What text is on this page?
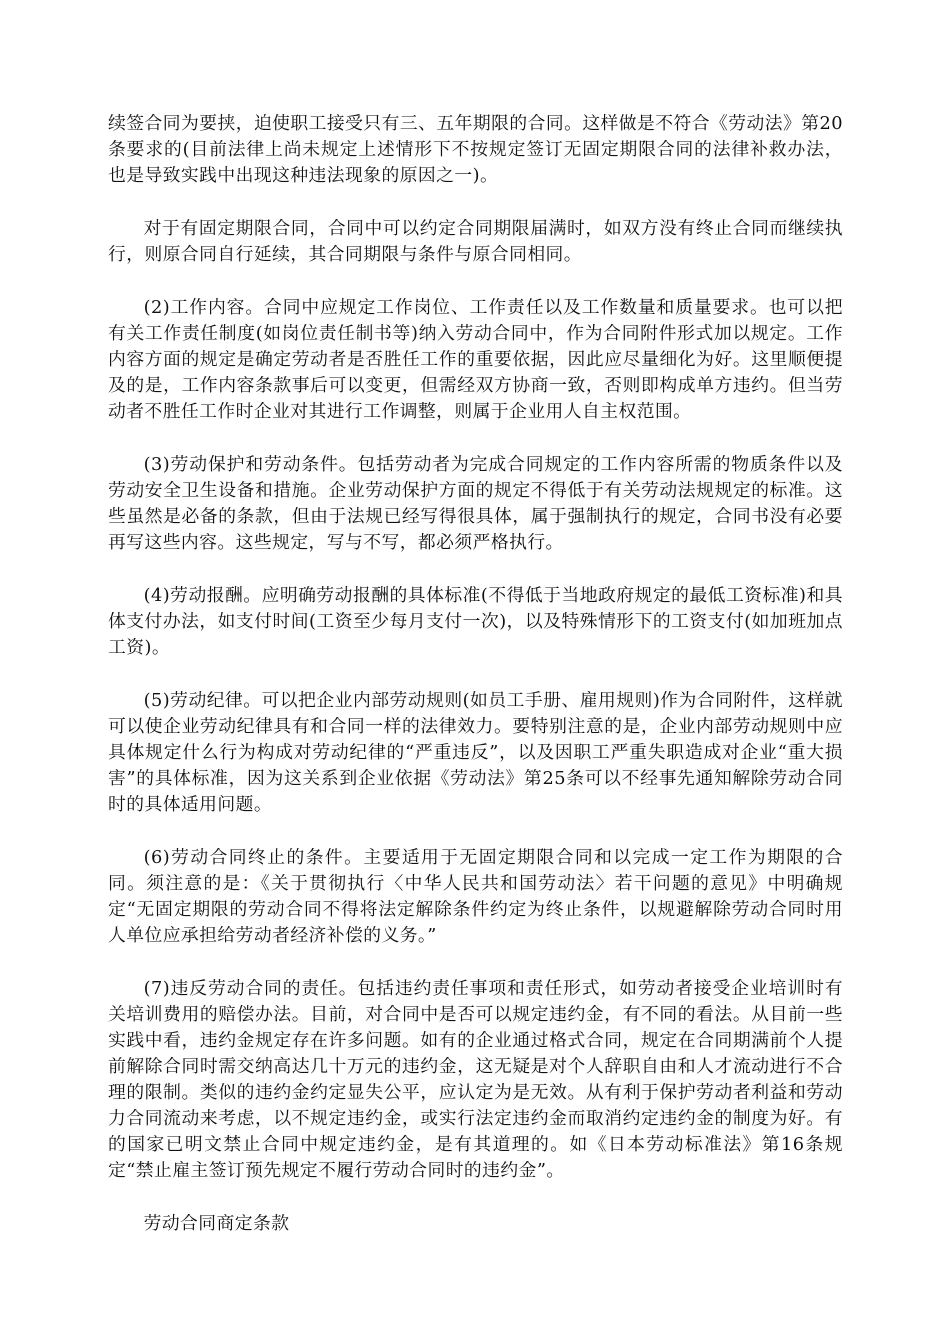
续签合同为要挟，迫使职工接受只有三、五年期限的合同。这样做是不符合《劳动法》第20条要求的(目前法律上尚未规定上述情形下不按规定签订无固定期限合同的法律补救办法，也是导致实践中出现这种违法现象的原因之一)。

对于有固定期限合同，合同中可以约定合同期限届满时，如双方没有终止合同而继续执行，则原合同自行延续，其合同期限与条件与原合同相同。

(2)工作内容。合同中应规定工作岗位、工作责任以及工作数量和质量要求。也可以把有关工作责任制度(如岗位责任制书等)纳入劳动合同中，作为合同附件形式加以规定。工作内容方面的规定是确定劳动者是否胜任工作的重要依据，因此应尽量细化为好。这里顺便提及的是，工作内容条款事后可以变更，但需经双方协商一致，否则即构成单方违约。但当劳动者不胜任工作时企业对其进行工作调整，则属于企业用人自主权范围。

(3)劳动保护和劳动条件。包括劳动者为完成合同规定的工作内容所需的物质条件以及劳动安全卫生设备和措施。企业劳动保护方面的规定不得低于有关劳动法规规定的标准。这些虽然是必备的条款，但由于法规已经写得很具体，属于强制执行的规定，合同书没有必要再写这些内容。这些规定，写与不写，都必须严格执行。

(4)劳动报酬。应明确劳动报酬的具体标准(不得低于当地政府规定的最低工资标准)和具体支付办法，如支付时间(工资至少每月支付一次)，以及特殊情形下的工资支付(如加班加点工资)。

(5)劳动纪律。可以把企业内部劳动规则(如员工手册、雇用规则)作为合同附件，这样就可以使企业劳动纪律具有和合同一样的法律效力。要特别注意的是，企业内部劳动规则中应具体规定什么行为构成对劳动纪律的“严重违反”，以及因职工严重失职造成对企业“重大损害”的具体标准，因为这关系到企业依据《劳动法》第25条可以不经事先通知解除劳动合同时的具体适用问题。

(6)劳动合同终止的条件。主要适用于无固定期限合同和以完成一定工作为期限的合同。须注意的是：《关于贯彻执行〈中华人民共和国劳动法〉若干问题的意见》中明确规定“无固定期限的劳动合同不得将法定解除条件约定为终止条件，以规避解除劳动合同时用人单位应承担给劳动者经济补偿的义务。”

(7)违反劳动合同的责任。包括违约责任事项和责任形式，如劳动者接受企业培训时有关培训费用的赔偿办法。目前，对合同中是否可以规定违约金，有不同的看法。从目前一些实践中看，违约金规定存在许多问题。如有的企业通过格式合同，规定在合同期满前个人提前解除合同时需交纳高达几十万元的违约金，这无疑是对个人辞职自由和人才流动进行不合理的限制。类似的违约金约定显失公平，应认定为是无效。从有利于保护劳动者利益和劳动力合同流动来考虑，以不规定违约金，或实行法定违约金而取消约定违约金的制度为好。有的国家已明文禁止合同中规定违约金，是有其道理的。如《日本劳动标准法》第16条规定“禁止雇主签订预先规定不履行劳动合同时的违约金”。

劳动合同商定条款
